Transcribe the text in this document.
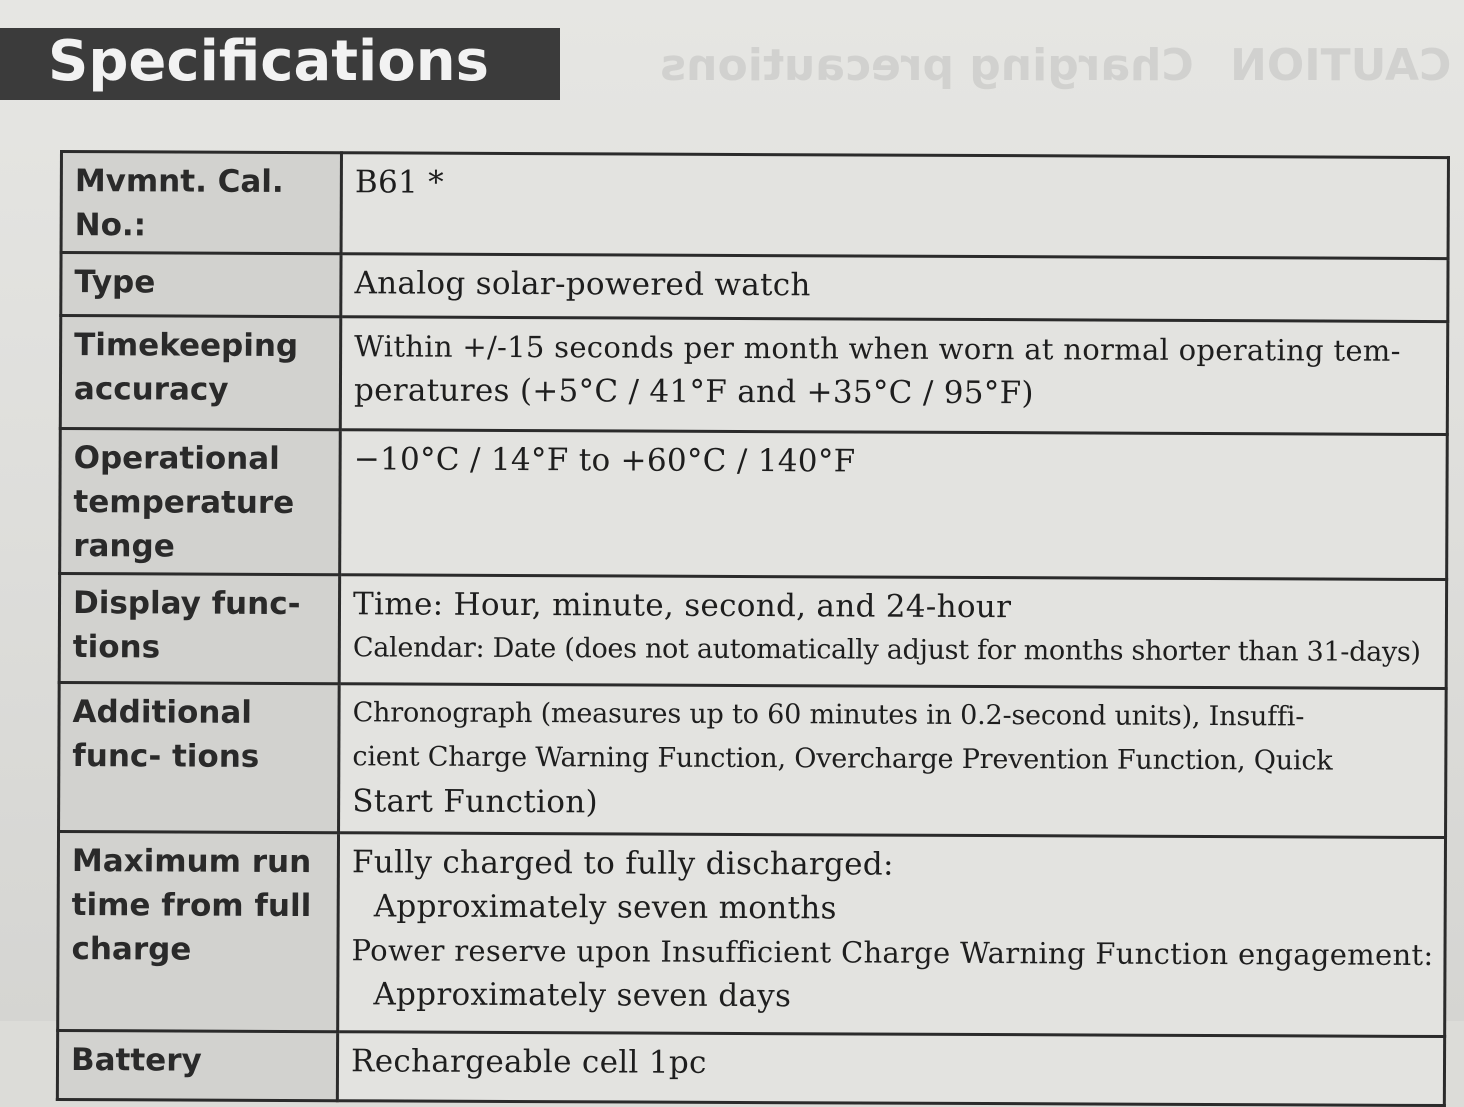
Charging precautions CAUTION
Specifications
Mvmnt. Cal. No.:	B61 *

Type	Analog solar-powered watch

Timekeeping accuracy	Within +/-15 seconds per month when worn at normal operating tem-
peratures (+5°C / 41°F and +35°C / 95°F)

Operational temperature range	−10°C / 14°F to +60°C / 140°F

Display func- tions	Time: Hour, minute, second, and 24-hour
Calendar: Date (does not automatically adjust for months shorter than 31-days)

Additional func- tions	Chronograph (measures up to 60 minutes in 0.2-second units), Insuffi-
cient Charge Warning Function, Overcharge Prevention Function, Quick
Start Function)

Maximum run time from full charge	Fully charged to fully discharged:
Approximately seven months
Power reserve upon Insufficient Charge Warning Function engagement:
Approximately seven days

Battery	Rechargeable cell 1pc
